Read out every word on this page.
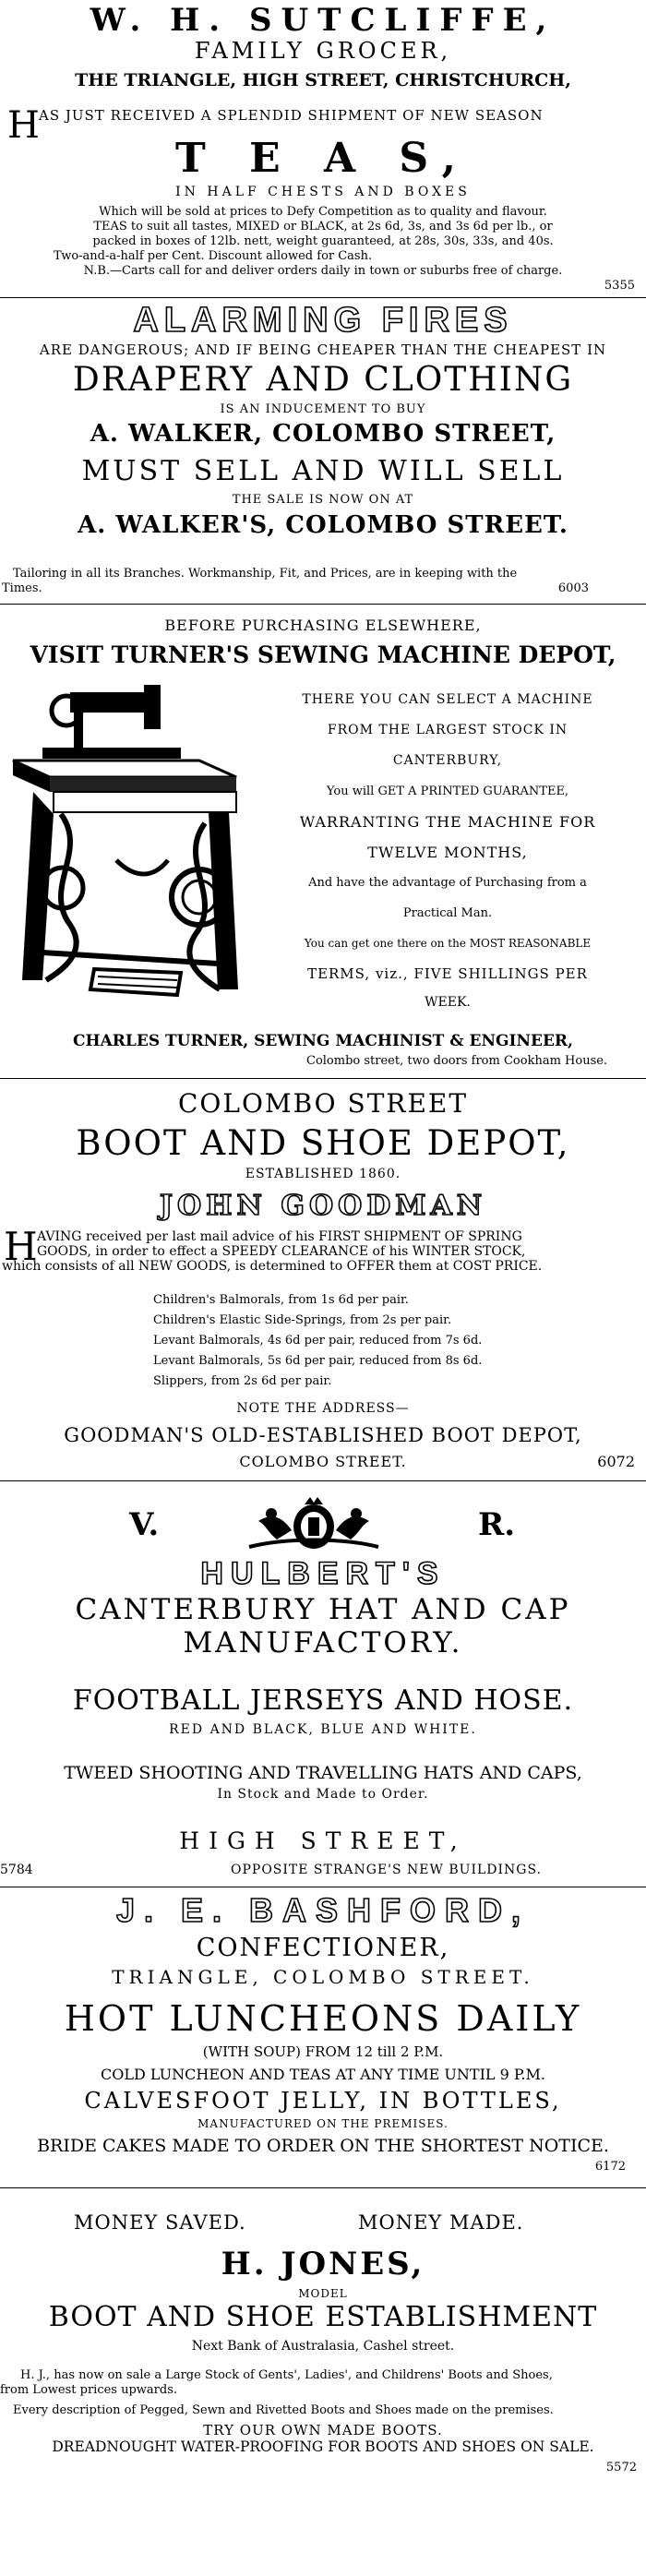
W. H. SUTCLIFFE,
FAMILY GROCER,
THE TRIANGLE, HIGH STREET, CHRISTCHURCH,
H AS JUST RECEIVED A SPLENDID SHIPMENT OF NEW SEASON
T E A S,
IN HALF CHESTS AND BOXES
Which will be sold at prices to Defy Competition as to quality and flavour.
TEAS to suit all tastes, MIXED or BLACK, at 2s 6d, 3s, and 3s 6d per lb., or
packed in boxes of 12lb. nett, weight guaranteed, at 28s, 30s, 33s, and 40s.
Two-and-a-half per Cent. Discount allowed for Cash.
N.B.—Carts call for and deliver orders daily in town or suburbs free of charge.
5355
ALARMING FIRES
ARE DANGEROUS; AND IF BEING CHEAPER THAN THE CHEAPEST IN
DRAPERY AND CLOTHING
IS AN INDUCEMENT TO BUY
A. WALKER, COLOMBO STREET,
MUST SELL AND WILL SELL
THE SALE IS NOW ON AT
A. WALKER'S, COLOMBO STREET.
Tailoring in all its Branches. Workmanship, Fit, and Prices, are in keeping with the
Times.	6003
BEFORE PURCHASING ELSEWHERE,
VISIT TURNER'S SEWING MACHINE DEPOT,
THERE YOU CAN SELECT A MACHINE
FROM THE LARGEST STOCK IN
CANTERBURY,
You will GET A PRINTED GUARANTEE,
WARRANTING THE MACHINE FOR
TWELVE MONTHS,
And have the advantage of Purchasing from a
Practical Man.
You can get one there on the MOST REASONABLE
TERMS, viz., FIVE SHILLINGS PER
WEEK.
CHARLES TURNER, SEWING MACHINIST & ENGINEER,
Colombo street, two doors from Cookham House.
COLOMBO STREET
BOOT AND SHOE DEPOT,
ESTABLISHED 1860.
JOHN GOODMAN
H AVING received per last mail advice of his FIRST SHIPMENT OF SPRING
GOODS, in order to effect a SPEEDY CLEARANCE of his WINTER STOCK,
which consists of all NEW GOODS, is determined to OFFER them at COST PRICE.
Children's Balmorals, from 1s 6d per pair.
Children's Elastic Side-Springs, from 2s per pair.
Levant Balmorals, 4s 6d per pair, reduced from 7s 6d.
Levant Balmorals, 5s 6d per pair, reduced from 8s 6d.
Slippers, from 2s 6d per pair.
NOTE THE ADDRESS—
GOODMAN'S OLD-ESTABLISHED BOOT DEPOT,
COLOMBO STREET.	6072
V.	R.
HULBERT'S
CANTERBURY HAT AND CAP
MANUFACTORY.
FOOTBALL JERSEYS AND HOSE.
RED AND BLACK, BLUE AND WHITE.
TWEED SHOOTING AND TRAVELLING HATS AND CAPS,
In Stock and Made to Order.
HIGH STREET,
5784	OPPOSITE STRANGE'S NEW BUILDINGS.
J. E. BASHFORD,
CONFECTIONER,
TRIANGLE, COLOMBO STREET.
HOT LUNCHEONS DAILY
(WITH SOUP) FROM 12 till 2 P.M.
COLD LUNCHEON AND TEAS AT ANY TIME UNTIL 9 P.M.
CALVESFOOT JELLY, IN BOTTLES,
MANUFACTURED ON THE PREMISES.
BRIDE CAKES MADE TO ORDER ON THE SHORTEST NOTICE.
6172
MONEY SAVED.	MONEY MADE.
H. JONES,
MODEL
BOOT AND SHOE ESTABLISHMENT
Next Bank of Australasia, Cashel street.
H. J., has now on sale a Large Stock of Gents', Ladies', and Childrens' Boots and Shoes,
from Lowest prices upwards.
Every description of Pegged, Sewn and Rivetted Boots and Shoes made on the premises.
TRY OUR OWN MADE BOOTS.
DREADNOUGHT WATER-PROOFING FOR BOOTS AND SHOES ON SALE.
5572
